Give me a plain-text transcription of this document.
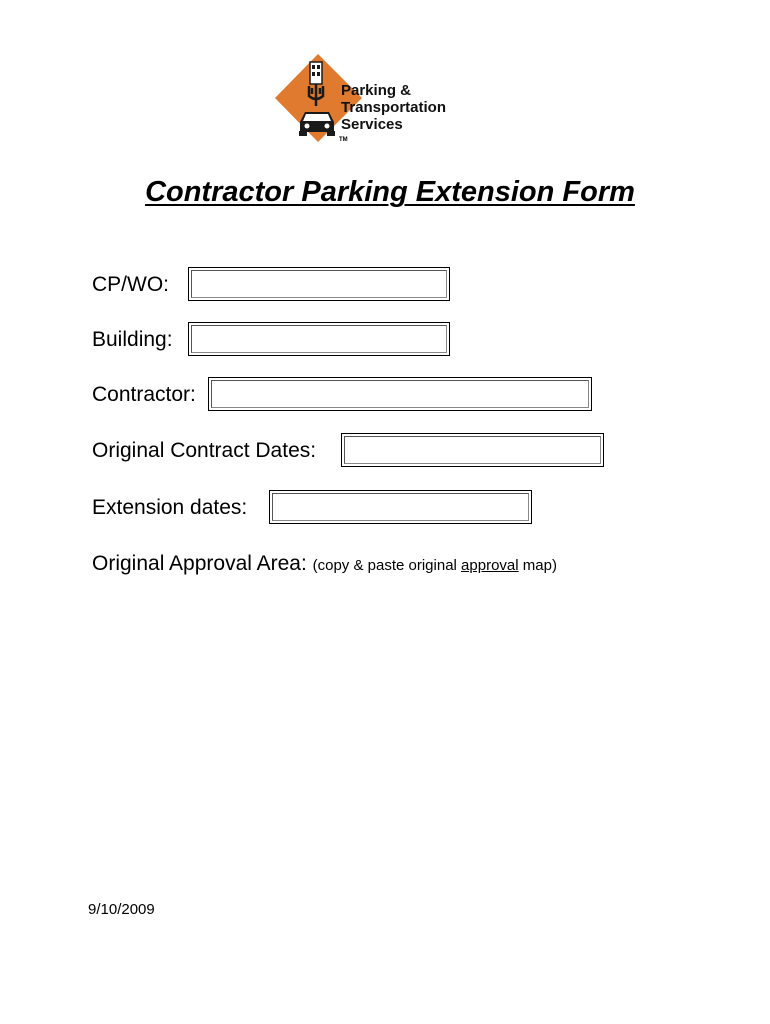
Parking &
Transportation
Services
TM
Contractor Parking Extension Form
CP/WO:
Building:
Contractor:
Original Contract Dates:
Extension dates:
Original Approval Area: (copy & paste original approval map)
9/10/2009
